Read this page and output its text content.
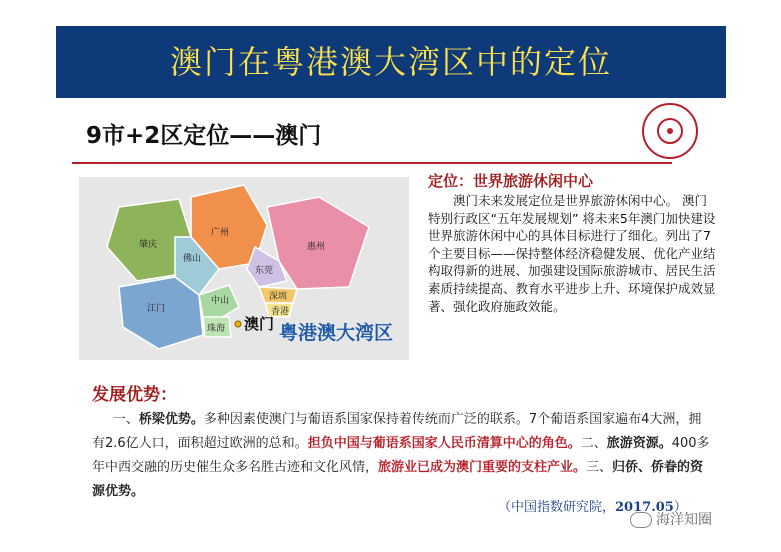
澳门在粤港澳大湾区中的定位
9市+2区定位——澳门
肇庆
广州
惠州
佛山
东莞
深圳
香港
江门
中山
珠海 澳门 粤港澳大湾区
定位：世界旅游休闲中心
澳门未来发展定位是世界旅游休闲中心。 澳门特别行政区“五年发展规划” 将未来5年澳门加快建设世界旅游休闲中心的具体目标进行了细化。列出了7个主要目标——保持整体经济稳健发展、优化产业结构取得新的进展、加强建设国际旅游城市、居民生活素质持续提高、教育水平进步上升、环境保护成效显著、强化政府施政效能。
发展优势：
一、桥梁优势。多种因素使澳门与葡语系国家保持着传统而广泛的联系。7个葡语系国家遍布4大洲，拥有2.6亿人口，面积超过欧洲的总和。担负中国与葡语系国家人民币清算中心的角色。二、旅游资源。400多年中西交融的历史催生众多名胜古迹和文化风情，旅游业已成为澳门重要的支柱产业。三、归侨、侨眷的资源优势。
（中国指数研究院，2017.05）
海洋知圈
